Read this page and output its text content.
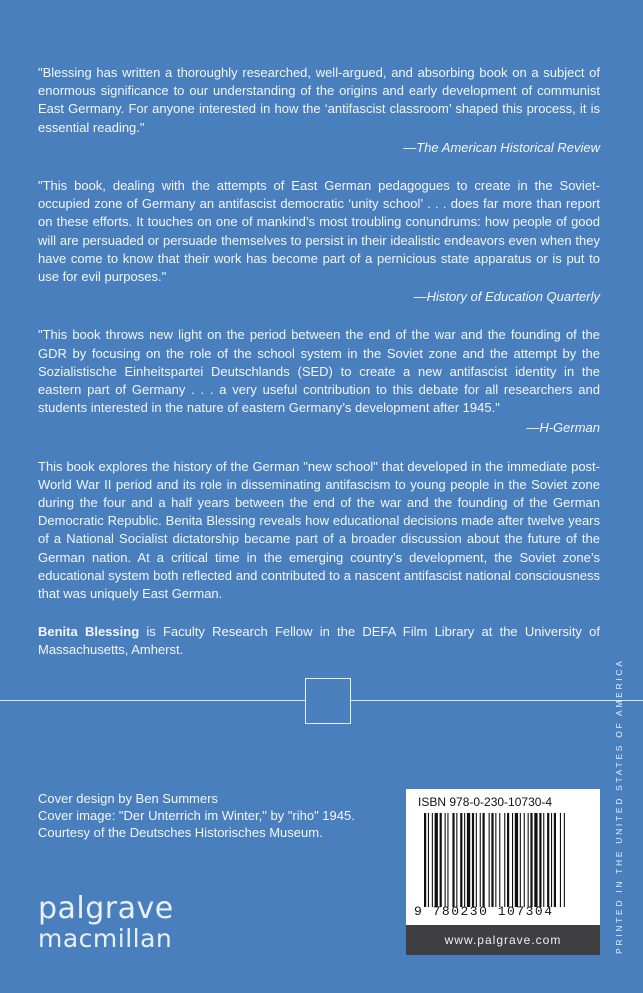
"Blessing has written a thoroughly researched, well-argued, and absorbing book on a subject of enormous significance to our understanding of the origins and early development of communist East Germany. For anyone interested in how the ‘antifascist classroom’ shaped this process, it is essential reading."

—The American Historical Review

"This book, dealing with the attempts of East German pedagogues to create in the Soviet-occupied zone of Germany an antifascist democratic ‘unity school’ . . . does far more than report on these efforts. It touches on one of mankind’s most troubling conundrums: how people of good will are persuaded or persuade themselves to persist in their idealistic endeavors even when they have come to know that their work has become part of a pernicious state apparatus or is put to use for evil purposes."

—History of Education Quarterly

"This book throws new light on the period between the end of the war and the founding of the GDR by focusing on the role of the school system in the Soviet zone and the attempt by the Sozialistische Einheitspartei Deutschlands (SED) to create a new antifascist identity in the eastern part of Germany . . . a very useful contribution to this debate for all researchers and students interested in the nature of eastern Germany’s development after 1945."

—H-German

This book explores the history of the German "new school" that developed in the immediate post-World War II period and its role in disseminating antifascism to young people in the Soviet zone during the four and a half years between the end of the war and the founding of the German Democratic Republic. Benita Blessing reveals how educational decisions made after twelve years of a National Socialist dictatorship became part of a broader discussion about the future of the German nation. At a critical time in the emerging country’s development, the Soviet zone’s educational system both reflected and contributed to a nascent antifascist national consciousness that was uniquely East German.

Benita Blessing is Faculty Research Fellow in the DEFA Film Library at the University of Massachusetts, Amherst.

Cover design by Ben Summers
Cover image: "Der Unterrich im Winter," by "riho" 1945.
Courtesy of the Deutsches Historisches Museum.
palgrave
macmillan
ISBN 978-0-230-10730-4
9 780230 107304
www.palgrave.com	PRINTED IN THE UNITED STATES OF AMERICA
